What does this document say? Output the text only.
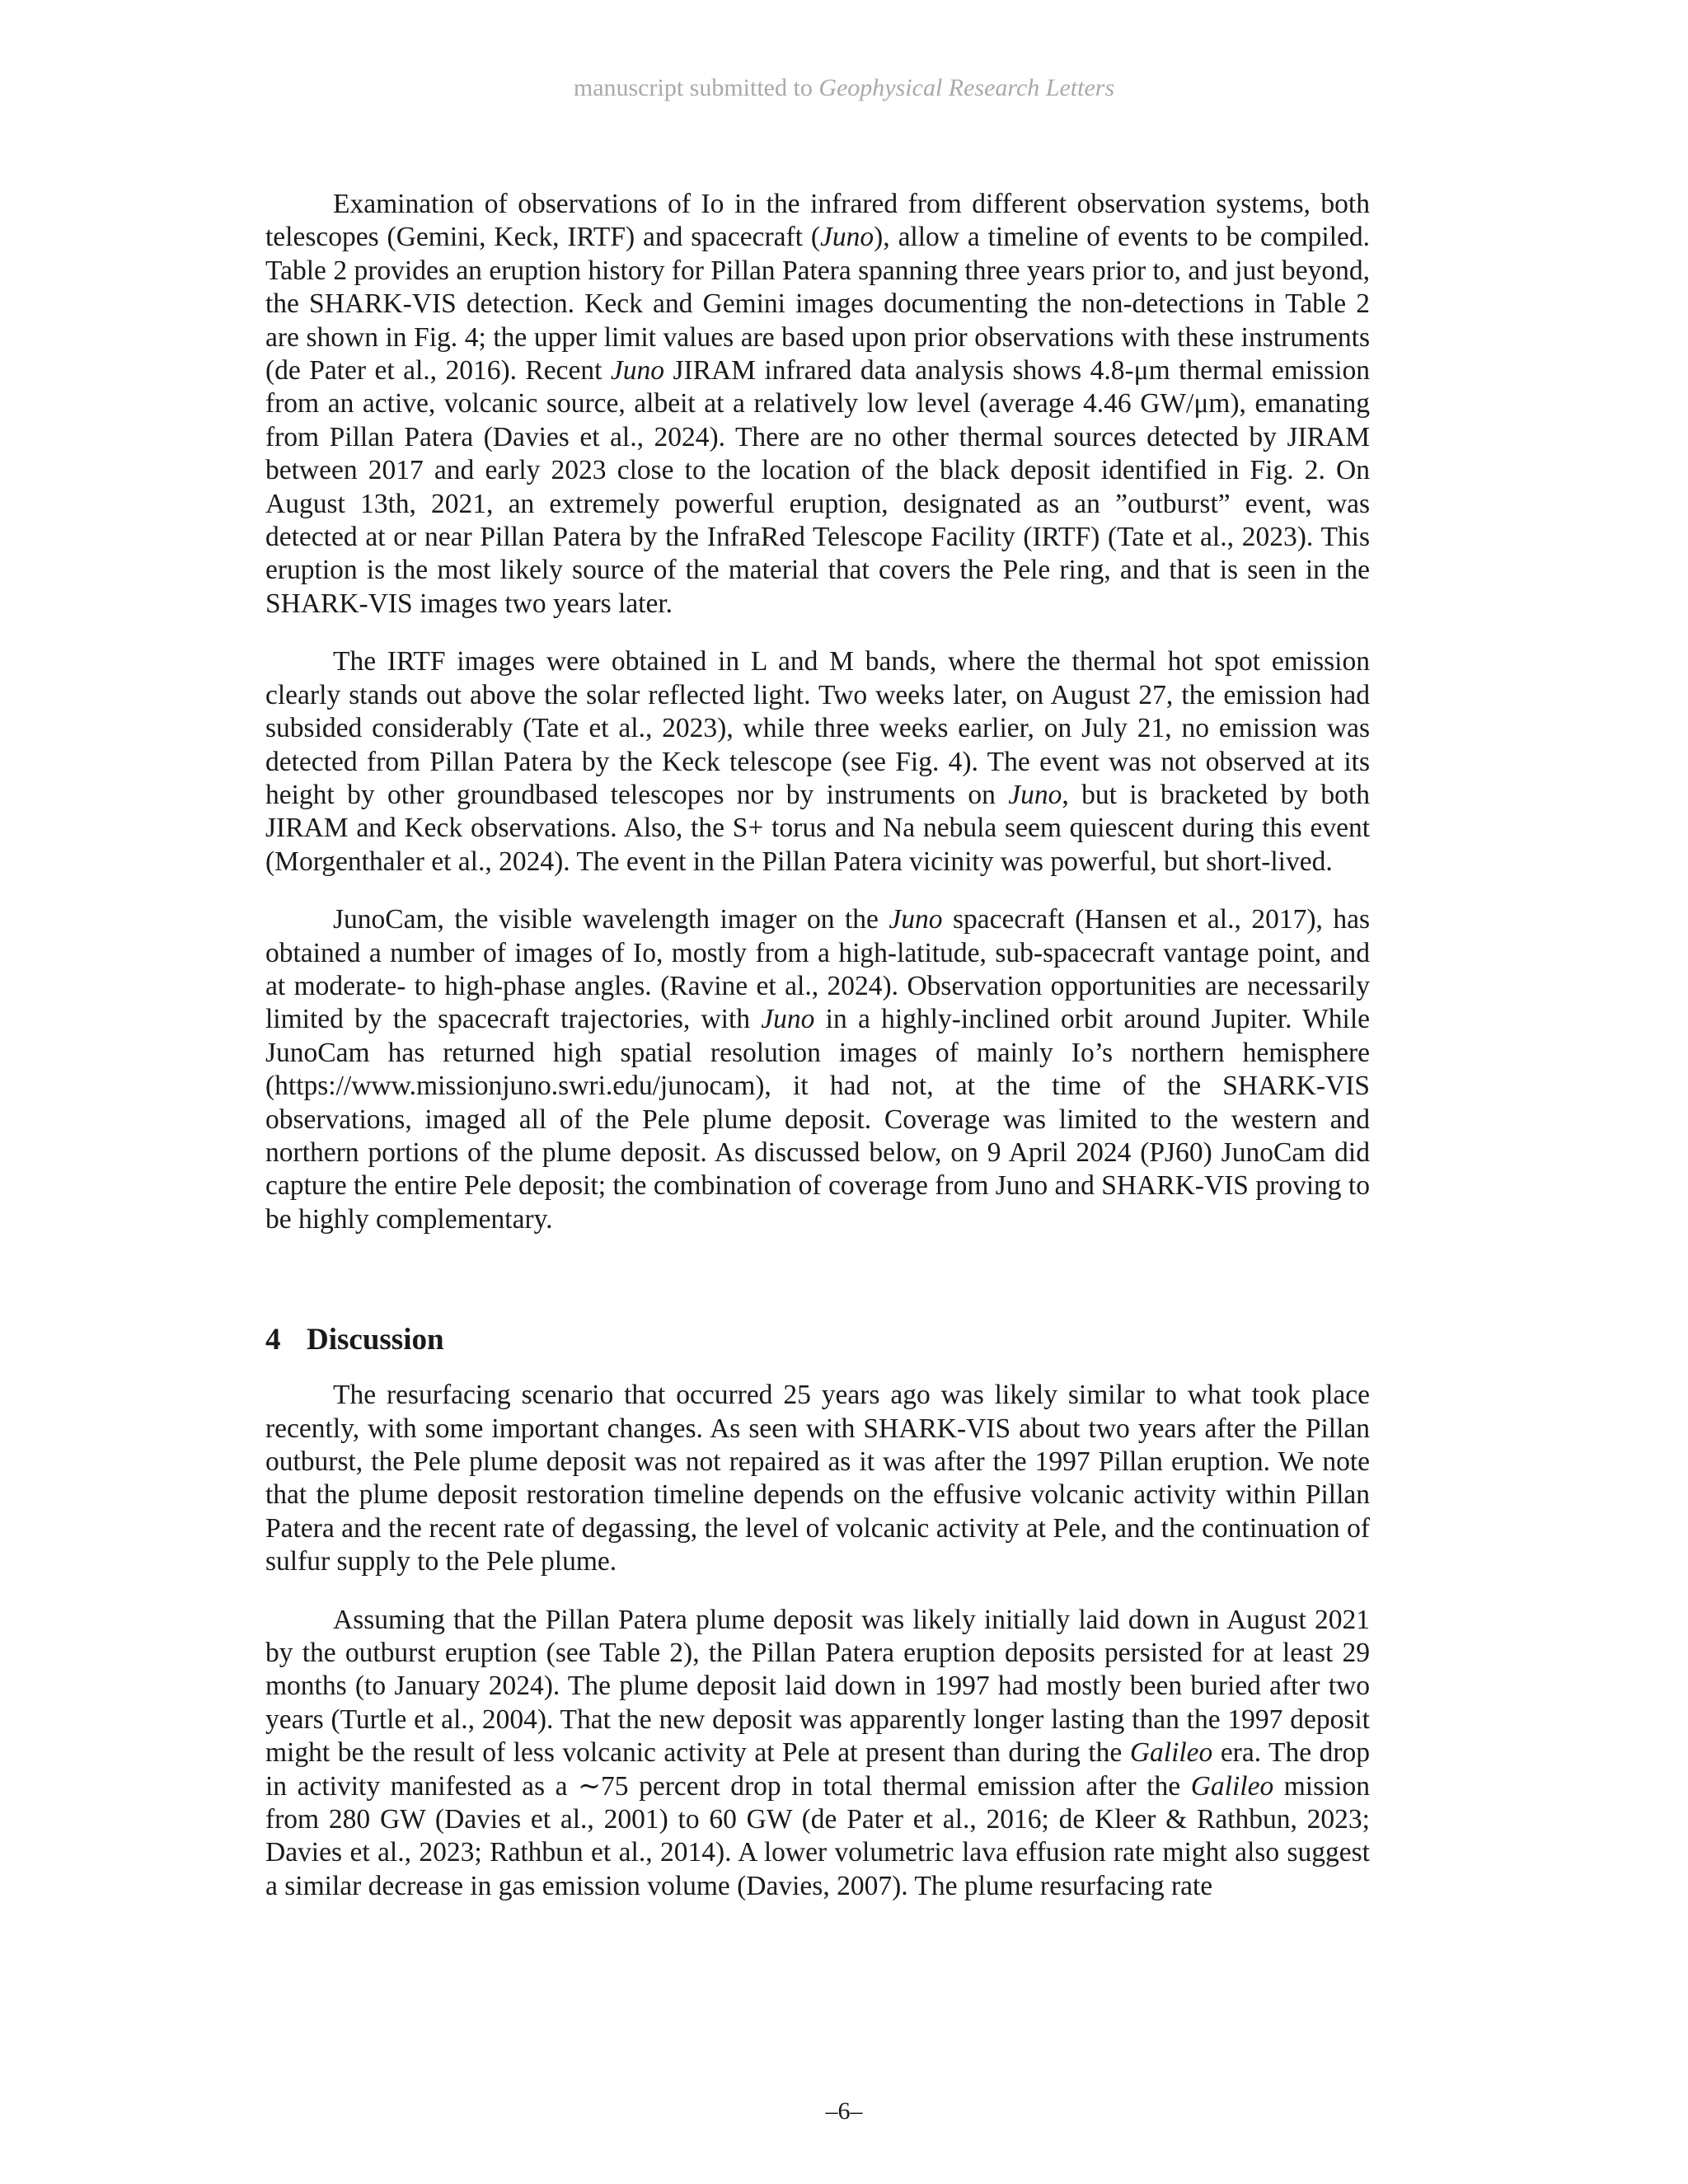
manuscript submitted to Geophysical Research Letters

Examination of observations of Io in the infrared from different observation systems, both telescopes (Gemini, Keck, IRTF) and spacecraft (Juno), allow a timeline of events to be compiled. Table 2 provides an eruption history for Pillan Patera spanning three years prior to, and just beyond, the SHARK-VIS detection. Keck and Gemini images documenting the non-detections in Table 2 are shown in Fig. 4; the upper limit values are based upon prior observations with these instruments (de Pater et al., 2016). Recent Juno JIRAM infrared data analysis shows 4.8-μm thermal emission from an active, volcanic source, albeit at a relatively low level (average 4.46 GW/μm), emanating from Pillan Patera (Davies et al., 2024). There are no other thermal sources detected by JIRAM between 2017 and early 2023 close to the location of the black deposit identified in Fig. 2. On August 13th, 2021, an extremely powerful eruption, designated as an ”outburst” event, was detected at or near Pillan Patera by the InfraRed Telescope Facility (IRTF) (Tate et al., 2023). This eruption is the most likely source of the material that covers the Pele ring, and that is seen in the SHARK-VIS images two years later.

The IRTF images were obtained in L and M bands, where the thermal hot spot emission clearly stands out above the solar reflected light. Two weeks later, on August 27, the emission had subsided considerably (Tate et al., 2023), while three weeks earlier, on July 21, no emission was detected from Pillan Patera by the Keck telescope (see Fig. 4). The event was not observed at its height by other groundbased telescopes nor by instruments on Juno, but is bracketed by both JIRAM and Keck observations. Also, the S+ torus and Na nebula seem quiescent during this event (Morgenthaler et al., 2024). The event in the Pillan Patera vicinity was powerful, but short-lived.

JunoCam, the visible wavelength imager on the Juno spacecraft (Hansen et al., 2017), has obtained a number of images of Io, mostly from a high-latitude, sub-spacecraft vantage point, and at moderate- to high-phase angles. (Ravine et al., 2024). Observation opportunities are necessarily limited by the spacecraft trajectories, with Juno in a highly-inclined orbit around Jupiter. While JunoCam has returned high spatial resolution images of mainly Io’s northern hemisphere (https://www.missionjuno.swri.edu/junocam), it had not, at the time of the SHARK-VIS observations, imaged all of the Pele plume deposit. Coverage was limited to the western and northern portions of the plume deposit. As discussed below, on 9 April 2024 (PJ60) JunoCam did capture the entire Pele deposit; the combination of coverage from Juno and SHARK-VIS proving to be highly complementary.

4 Discussion

The resurfacing scenario that occurred 25 years ago was likely similar to what took place recently, with some important changes. As seen with SHARK-VIS about two years after the Pillan outburst, the Pele plume deposit was not repaired as it was after the 1997 Pillan eruption. We note that the plume deposit restoration timeline depends on the effusive volcanic activity within Pillan Patera and the recent rate of degassing, the level of volcanic activity at Pele, and the continuation of sulfur supply to the Pele plume.

Assuming that the Pillan Patera plume deposit was likely initially laid down in August 2021 by the outburst eruption (see Table 2), the Pillan Patera eruption deposits persisted for at least 29 months (to January 2024). The plume deposit laid down in 1997 had mostly been buried after two years (Turtle et al., 2004). That the new deposit was apparently longer lasting than the 1997 deposit might be the result of less volcanic activity at Pele at present than during the Galileo era. The drop in activity manifested as a ∼75 percent drop in total thermal emission after the Galileo mission from 280 GW (Davies et al., 2001) to 60 GW (de Pater et al., 2016; de Kleer & Rathbun, 2023; Davies et al., 2023; Rathbun et al., 2014). A lower volumetric lava effusion rate might also suggest a similar decrease in gas emission volume (Davies, 2007). The plume resurfacing rate

–6–
